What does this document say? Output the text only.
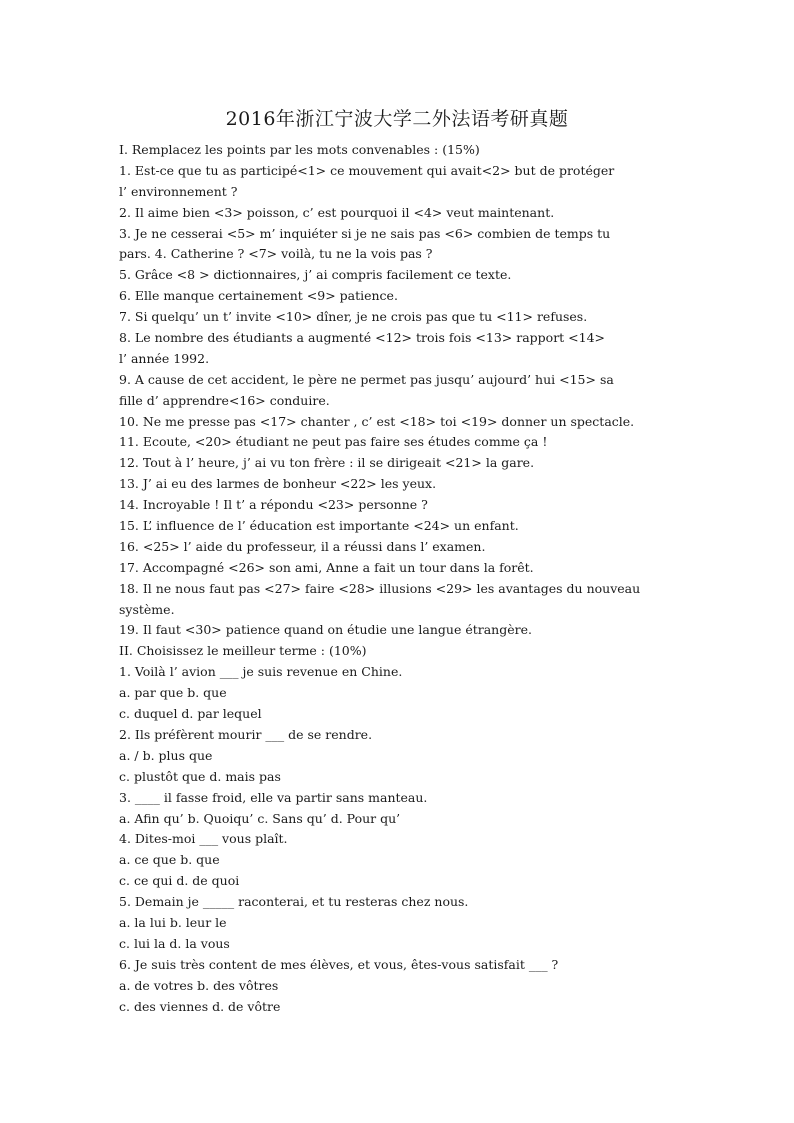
2016年浙江宁波大学二外法语考研真题
I. Remplacez les points par les mots convenables : (15%)
1. Est-ce que tu as participé<1> ce mouvement qui avait<2> but de protéger
l’ environnement ?
2. Il aime bien <3> poisson, c’ est pourquoi il <4> veut maintenant.
3. Je ne cesserai <5> m’ inquiéter si je ne sais pas <6> combien de temps tu
pars. 4. Catherine ? <7> voilà, tu ne la vois pas ?
5. Grâce <8 > dictionnaires, j’ ai compris facilement ce texte.
6. Elle manque certainement <9> patience.
7. Si quelqu’ un t’ invite <10> dîner, je ne crois pas que tu <11> refuses.
8. Le nombre des étudiants a augmenté <12> trois fois <13> rapport <14>
l’ année 1992.
9. A cause de cet accident, le père ne permet pas jusqu’ aujourd’ hui <15> sa
fille d’ apprendre<16> conduire.
10. Ne me presse pas <17> chanter , c’ est <18> toi <19> donner un spectacle.
11. Ecoute, <20> étudiant ne peut pas faire ses études comme ça !
12. Tout à l’ heure, j’ ai vu ton frère : il se dirigeait <21> la gare.
13. J’ ai eu des larmes de bonheur <22> les yeux.
14. Incroyable ! Il t’ a répondu <23> personne ?
15. L’ influence de l’ éducation est importante <24> un enfant.
16. <25> l’ aide du professeur, il a réussi dans l’ examen.
17. Accompagné <26> son ami, Anne a fait un tour dans la forêt.
18. Il ne nous faut pas <27> faire <28> illusions <29> les avantages du nouveau
système.
19. Il faut <30> patience quand on étudie une langue étrangère.
II. Choisissez le meilleur terme : (10%)
1. Voilà l’ avion ___ je suis revenue en Chine.
a. par que b. que
c. duquel d. par lequel
2. Ils préfèrent mourir ___ de se rendre.
a. / b. plus que
c. plustôt que d. mais pas
3. ____ il fasse froid, elle va partir sans manteau.
a. Afin qu’ b. Quoiqu’ c. Sans qu’ d. Pour qu’
4. Dites-moi ___ vous plaît.
a. ce que b. que
c. ce qui d. de quoi
5. Demain je _____ raconterai, et tu resteras chez nous.
a. la lui b. leur le
c. lui la d. la vous
6. Je suis très content de mes élèves, et vous, êtes-vous satisfait ___ ?
a. de votres b. des vôtres
c. des viennes d. de vôtre
